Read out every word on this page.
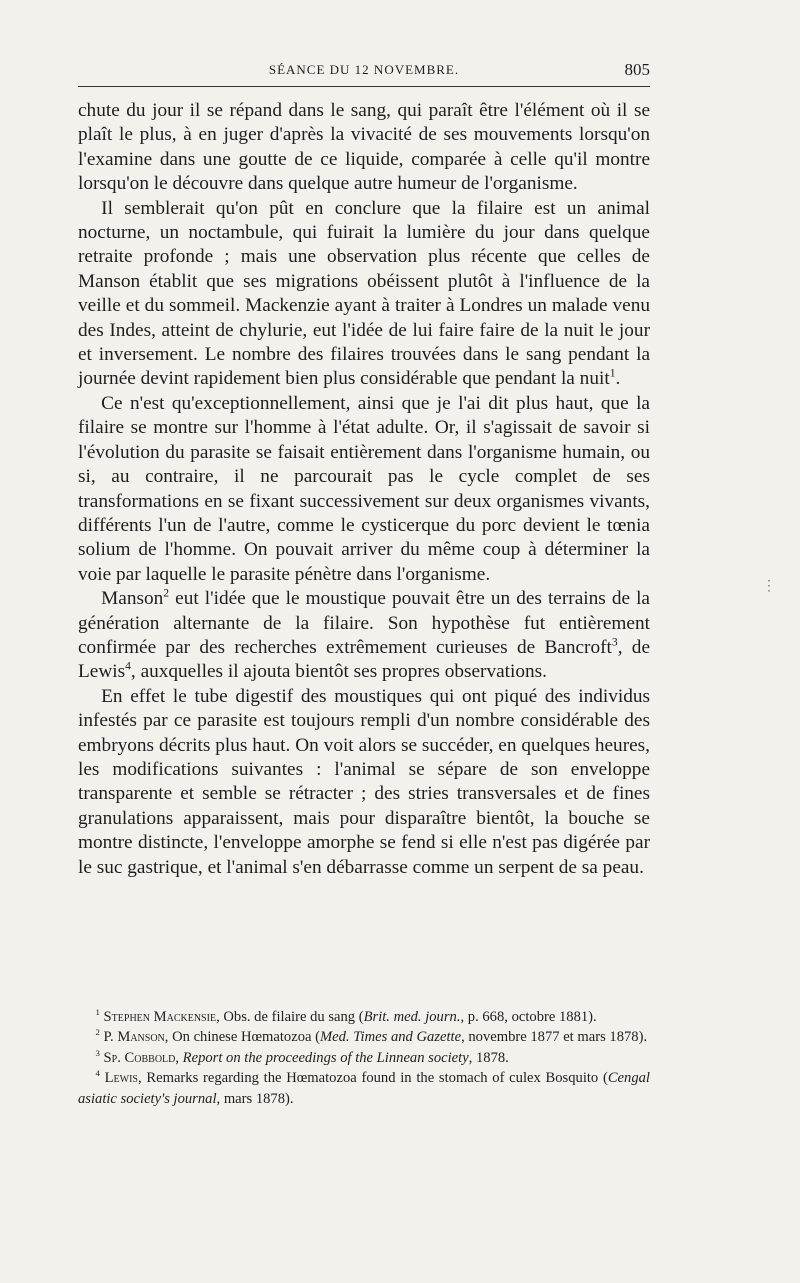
SÉANCE DU 12 NOVEMBRE.	805

chute du jour il se répand dans le sang, qui paraît être l'élément où il se plaît le plus, à en juger d'après la vivacité de ses mouvements lorsqu'on l'examine dans une goutte de ce liquide, comparée à celle qu'il montre lorsqu'on le découvre dans quelque autre humeur de l'organisme.

Il semblerait qu'on pût en conclure que la filaire est un animal nocturne, un noctambule, qui fuirait la lumière du jour dans quelque retraite profonde ; mais une observation plus récente que celles de Manson établit que ses migrations obéissent plutôt à l'influence de la veille et du sommeil. Mackenzie ayant à traiter à Londres un malade venu des Indes, atteint de chylurie, eut l'idée de lui faire faire de la nuit le jour et inversement. Le nombre des filaires trouvées dans le sang pendant la journée devint rapidement bien plus considérable que pendant la nuit$^1$.

Ce n'est qu'exceptionnellement, ainsi que je l'ai dit plus haut, que la filaire se montre sur l'homme à l'état adulte. Or, il s'agissait de savoir si l'évolution du parasite se faisait entièrement dans l'organisme humain, ou si, au contraire, il ne parcourait pas le cycle complet de ses transformations en se fixant successivement sur deux organismes vivants, différents l'un de l'autre, comme le cysticerque du porc devient le tœnia solium de l'homme. On pouvait arriver du même coup à déterminer la voie par laquelle le parasite pénètre dans l'organisme.

Manson$^2$ eut l'idée que le moustique pouvait être un des terrains de la génération alternante de la filaire. Son hypothèse fut entièrement confirmée par des recherches extrêmement curieuses de Bancroft$^3$, de Lewis$^4$, auxquelles il ajouta bientôt ses propres observations.

En effet le tube digestif des moustiques qui ont piqué des individus infestés par ce parasite est toujours rempli d'un nombre considérable des embryons décrits plus haut. On voit alors se succéder, en quelques heures, les modifications suivantes : l'animal se sépare de son enveloppe transparente et semble se rétracter ; des stries transversales et de fines granulations apparaissent, mais pour disparaître bientôt, la bouche se montre distincte, l'enveloppe amorphe se fend si elle n'est pas digérée par le suc gastrique, et l'animal s'en débarrasse comme un serpent de sa peau.

$^1$ Stephen Mackensie, Obs. de filaire du sang (Brit. med. journ., p. 668, octobre 1881).

$^2$ P. Manson, On chinese Hœmatozoa (Med. Times and Gazette, novembre 1877 et mars 1878).

$^3$ Sp. Cobbold, Report on the proceedings of the Linnean society, 1878.

$^4$ Lewis, Remarks regarding the Hœmatozoa found in the stomach of culex Bosquito (Cengal asiatic society's journal, mars 1878).

⋮
